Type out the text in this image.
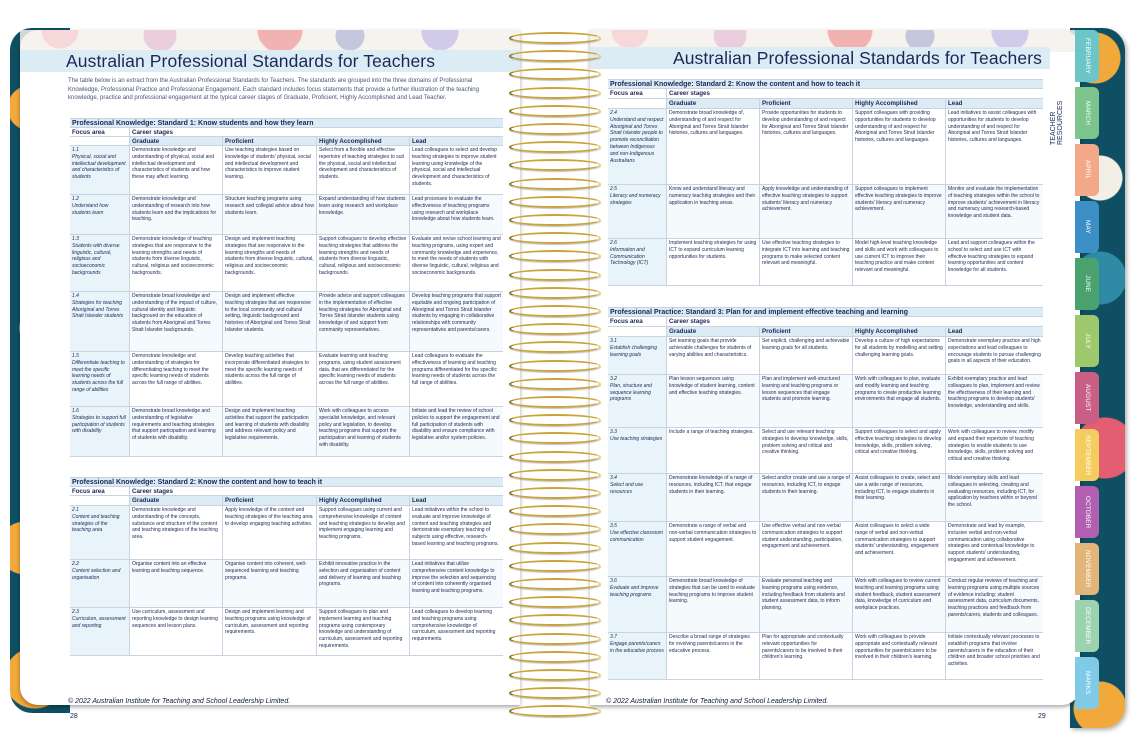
Australian Professional Standards for Teachers
The table below is an extract from the Australian Professional Standards for Teachers. The standards are grouped into the three domains of Professional Knowledge, Professional Practice and Professional Engagement. Each standard includes focus statements that provide a further illustration of the teaching knowledge, practice and professional engagement at the typical career stages of Graduate, Proficient, Highly Accomplished and Lead Teacher.
© 2022 Australian Institute for Teaching and School Leadership Limited.
28
Australian Professional Standards for Teachers
© 2022 Australian Institute for Teaching and School Leadership Limited.
29
TEACHER RESOURCES
FEBRUARY
MARCH
APRIL
MAY
JUNE
JULY
AUGUST
SEPTEMBER
OCTOBER
NOVEMBER
DECEMBER
MARKS
Professional Knowledge: Standard 1: Know students and how they learn
Focus area	Career stages
Graduate	Proficient	Highly Accomplished	Lead
1.1
Physical, social and intellectual development and characteristics of students
Demonstrate knowledge and understanding of physical, social and intellectual development and characteristics of students and how these may affect learning.
Use teaching strategies based on knowledge of students' physical, social and intellectual development and characteristics to improve student learning.
Select from a flexible and effective repertoire of teaching strategies to suit the physical, social and intellectual development and characteristics of students.
Lead colleagues to select and develop teaching strategies to improve student learning using knowledge of the physical, social and intellectual development and characteristics of students.
1.2
Understand how students learn
Demonstrate knowledge and understanding of research into how students learn and the implications for teaching.
Structure teaching programs using research and collegial advice about how students learn.
Expand understanding of how students learn using research and workplace knowledge.
Lead processes to evaluate the effectiveness of teaching programs using research and workplace knowledge about how students learn.
1.3
Students with diverse linguistic, cultural, religious and socioeconomic backgrounds
Demonstrate knowledge of teaching strategies that are responsive to the learning strengths and needs of students from diverse linguistic, cultural, religious and socioeconomic backgrounds.
Design and implement teaching strategies that are responsive to the learning strengths and needs of students from diverse linguistic, cultural, religious and socioeconomic backgrounds.
Support colleagues to develop effective teaching strategies that address the learning strengths and needs of students from diverse linguistic, cultural, religious and socioeconomic backgrounds.
Evaluate and revise school learning and teaching programs, using expert and community knowledge and experience, to meet the needs of students with diverse linguistic, cultural, religious and socioeconomic backgrounds.
1.4
Strategies for teaching Aboriginal and Torres Strait Islander students
Demonstrate broad knowledge and understanding of the impact of culture, cultural identity and linguistic background on the education of students from Aboriginal and Torres Strait Islander backgrounds.
Design and implement effective teaching strategies that are responsive to the local community and cultural setting, linguistic background and histories of Aboriginal and Torres Strait Islander students.
Provide advice and support colleagues in the implementation of effective teaching strategies for Aboriginal and Torres Strait Islander students using knowledge of and support from community representatives.
Develop teaching programs that support equitable and ongoing participation of Aboriginal and Torres Strait Islander students by engaging in collaborative relationships with community representatives and parents/carers.
1.5
Differentiate teaching to meet the specific learning needs of students across the full range of abilities
Demonstrate knowledge and understanding of strategies for differentiating teaching to meet the specific learning needs of students across the full range of abilities.
Develop teaching activities that incorporate differentiated strategies to meet the specific learning needs of students across the full range of abilities.
Evaluate learning and teaching programs, using student assessment data, that are differentiated for the specific learning needs of students across the full range of abilities.
Lead colleagues to evaluate the effectiveness of learning and teaching programs differentiated for the specific learning needs of students across the full range of abilities.
1.6
Strategies to support full participation of students with disability
Demonstrate broad knowledge and understanding of legislative requirements and teaching strategies that support participation and learning of students with disability.
Design and implement teaching activities that support the participation and learning of students with disability and address relevant policy and legislative requirements.
Work with colleagues to access specialist knowledge, and relevant policy and legislation, to develop teaching programs that support the participation and learning of students with disability.
Initiate and lead the review of school policies to support the engagement and full participation of students with disability and ensure compliance with legislative and/or system policies.
Professional Knowledge: Standard 2: Know the content and how to teach it
Focus area	Career stages
Graduate	Proficient	Highly Accomplished	Lead
2.1
Content and teaching strategies of the teaching area
Demonstrate knowledge and understanding of the concepts, substance and structure of the content and teaching strategies of the teaching area.
Apply knowledge of the content and teaching strategies of the teaching area to develop engaging teaching activities.
Support colleagues using current and comprehensive knowledge of content and teaching strategies to develop and implement engaging learning and teaching programs.
Lead initiatives within the school to evaluate and improve knowledge of content and teaching strategies and demonstrate exemplary teaching of subjects using effective, research-based learning and teaching programs.
2.2
Content selection and organisation
Organise content into an effective learning and teaching sequence.
Organise content into coherent, well-sequenced learning and teaching programs.
Exhibit innovative practice in the selection and organisation of content and delivery of learning and teaching programs.
Lead initiatives that utilise comprehensive content knowledge to improve the selection and sequencing of content into coherently organised learning and teaching programs.
2.3
Curriculum, assessment and reporting
Use curriculum, assessment and reporting knowledge to design learning sequences and lesson plans.
Design and implement learning and teaching programs using knowledge of curriculum, assessment and reporting requirements.
Support colleagues to plan and implement learning and teaching programs using contemporary knowledge and understanding of curriculum, assessment and reporting requirements.
Lead colleagues to develop learning and teaching programs using comprehensive knowledge of curriculum, assessment and reporting requirements.
Professional Knowledge: Standard 2: Know the content and how to teach it
Focus area	Career stages
Graduate	Proficient	Highly Accomplished	Lead
2.4
Understand and respect Aboriginal and Torres Strait Islander people to promote reconciliation between Indigenous and non-Indigenous Australians
Demonstrate broad knowledge of, understanding of and respect for Aboriginal and Torres Strait Islander histories, cultures and languages.
Provide opportunities for students to develop understanding of and respect for Aboriginal and Torres Strait Islander histories, cultures and languages.
Support colleagues with providing opportunities for students to develop understanding of and respect for Aboriginal and Torres Strait Islander histories, cultures and languages.
Lead initiatives to assist colleagues with opportunities for students to develop understanding of and respect for Aboriginal and Torres Strait Islander histories, cultures and languages.
2.5
Literacy and numeracy strategies
Know and understand literacy and numeracy teaching strategies and their application in teaching areas.
Apply knowledge and understanding of effective teaching strategies to support students' literacy and numeracy achievement.
Support colleagues to implement effective teaching strategies to improve students' literacy and numeracy achievement.
Monitor and evaluate the implementation of teaching strategies within the school to improve students' achievement in literacy and numeracy using research-based knowledge and student data.
2.6
Information and Communication Technology (ICT)
Implement teaching strategies for using ICT to expand curriculum learning opportunities for students.
Use effective teaching strategies to integrate ICT into learning and teaching programs to make selected content relevant and meaningful.
Model high-level teaching knowledge and skills and work with colleagues to use current ICT to improve their teaching practice and make content relevant and meaningful.
Lead and support colleagues within the school to select and use ICT with effective teaching strategies to expand learning opportunities and content knowledge for all students.
Professional Practice: Standard 3: Plan for and implement effective teaching and learning
Focus area	Career stages
Graduate	Proficient	Highly Accomplished	Lead
3.1
Establish challenging learning goals
Set learning goals that provide achievable challenges for students of varying abilities and characteristics.
Set explicit, challenging and achievable learning goals for all students.
Develop a culture of high expectations for all students by modelling and setting challenging learning goals.
Demonstrate exemplary practice and high expectations and lead colleagues to encourage students to pursue challenging goals in all aspects of their education.
3.2
Plan, structure and sequence learning programs
Plan lesson sequences using knowledge of student learning, content and effective teaching strategies.
Plan and implement well-structured learning and teaching programs or lesson sequences that engage students and promote learning.
Work with colleagues to plan, evaluate and modify learning and teaching programs to create productive learning environments that engage all students.
Exhibit exemplary practice and lead colleagues to plan, implement and review the effectiveness of their learning and teaching programs to develop students' knowledge, understanding and skills.
3.3
Use teaching strategies
Include a range of teaching strategies.	Select and use relevant teaching strategies to develop knowledge, skills, problem solving and critical and creative thinking.
Support colleagues to select and apply effective teaching strategies to develop knowledge, skills, problem solving, critical and creative thinking.
Work with colleagues to review, modify and expand their repertoire of teaching strategies to enable students to use knowledge, skills, problem solving and critical and creative thinking.
3.4
Select and use resources
Demonstrate knowledge of a range of resources, including ICT, that engage students in their learning.
Select and/or create and use a range of resources, including ICT, to engage students in their learning.
Assist colleagues to create, select and use a wide range of resources, including ICT, to engage students in their learning.
Model exemplary skills and lead colleagues in selecting, creating and evaluating resources, including ICT, for application by teachers within or beyond the school.
3.5
Use effective classroom communication
Demonstrate a range of verbal and non-verbal communication strategies to support student engagement.
Use effective verbal and non-verbal communication strategies to support student understanding, participation, engagement and achievement.
Assist colleagues to select a wide range of verbal and non-verbal communication strategies to support students' understanding, engagement and achievement.
Demonstrate and lead by example, inclusive verbal and non-verbal communication using collaborative strategies and contextual knowledge to support students' understanding, engagement and achievement.
3.6
Evaluate and improve teaching programs
Demonstrate broad knowledge of strategies that can be used to evaluate teaching programs to improve student learning.
Evaluate personal teaching and learning programs using evidence, including feedback from students and student assessment data, to inform planning.
Work with colleagues to review current teaching and learning programs using student feedback, student assessment data, knowledge of curriculum and workplace practices.
Conduct regular reviews of teaching and learning programs using multiple sources of evidence including: student assessment data, curriculum documents, teaching practices and feedback from parents/carers, students and colleagues.
3.7
Engage parents/carers in the educative process
Describe a broad range of strategies for involving parents/carers in the educative process.
Plan for appropriate and contextually relevant opportunities for parents/carers to be involved in their children's learning.
Work with colleagues to provide appropriate and contextually relevant opportunities for parents/carers to be involved in their children's learning.
Initiate contextually relevant processes to establish programs that involve parents/carers in the education of their children and broader school priorities and activities.
